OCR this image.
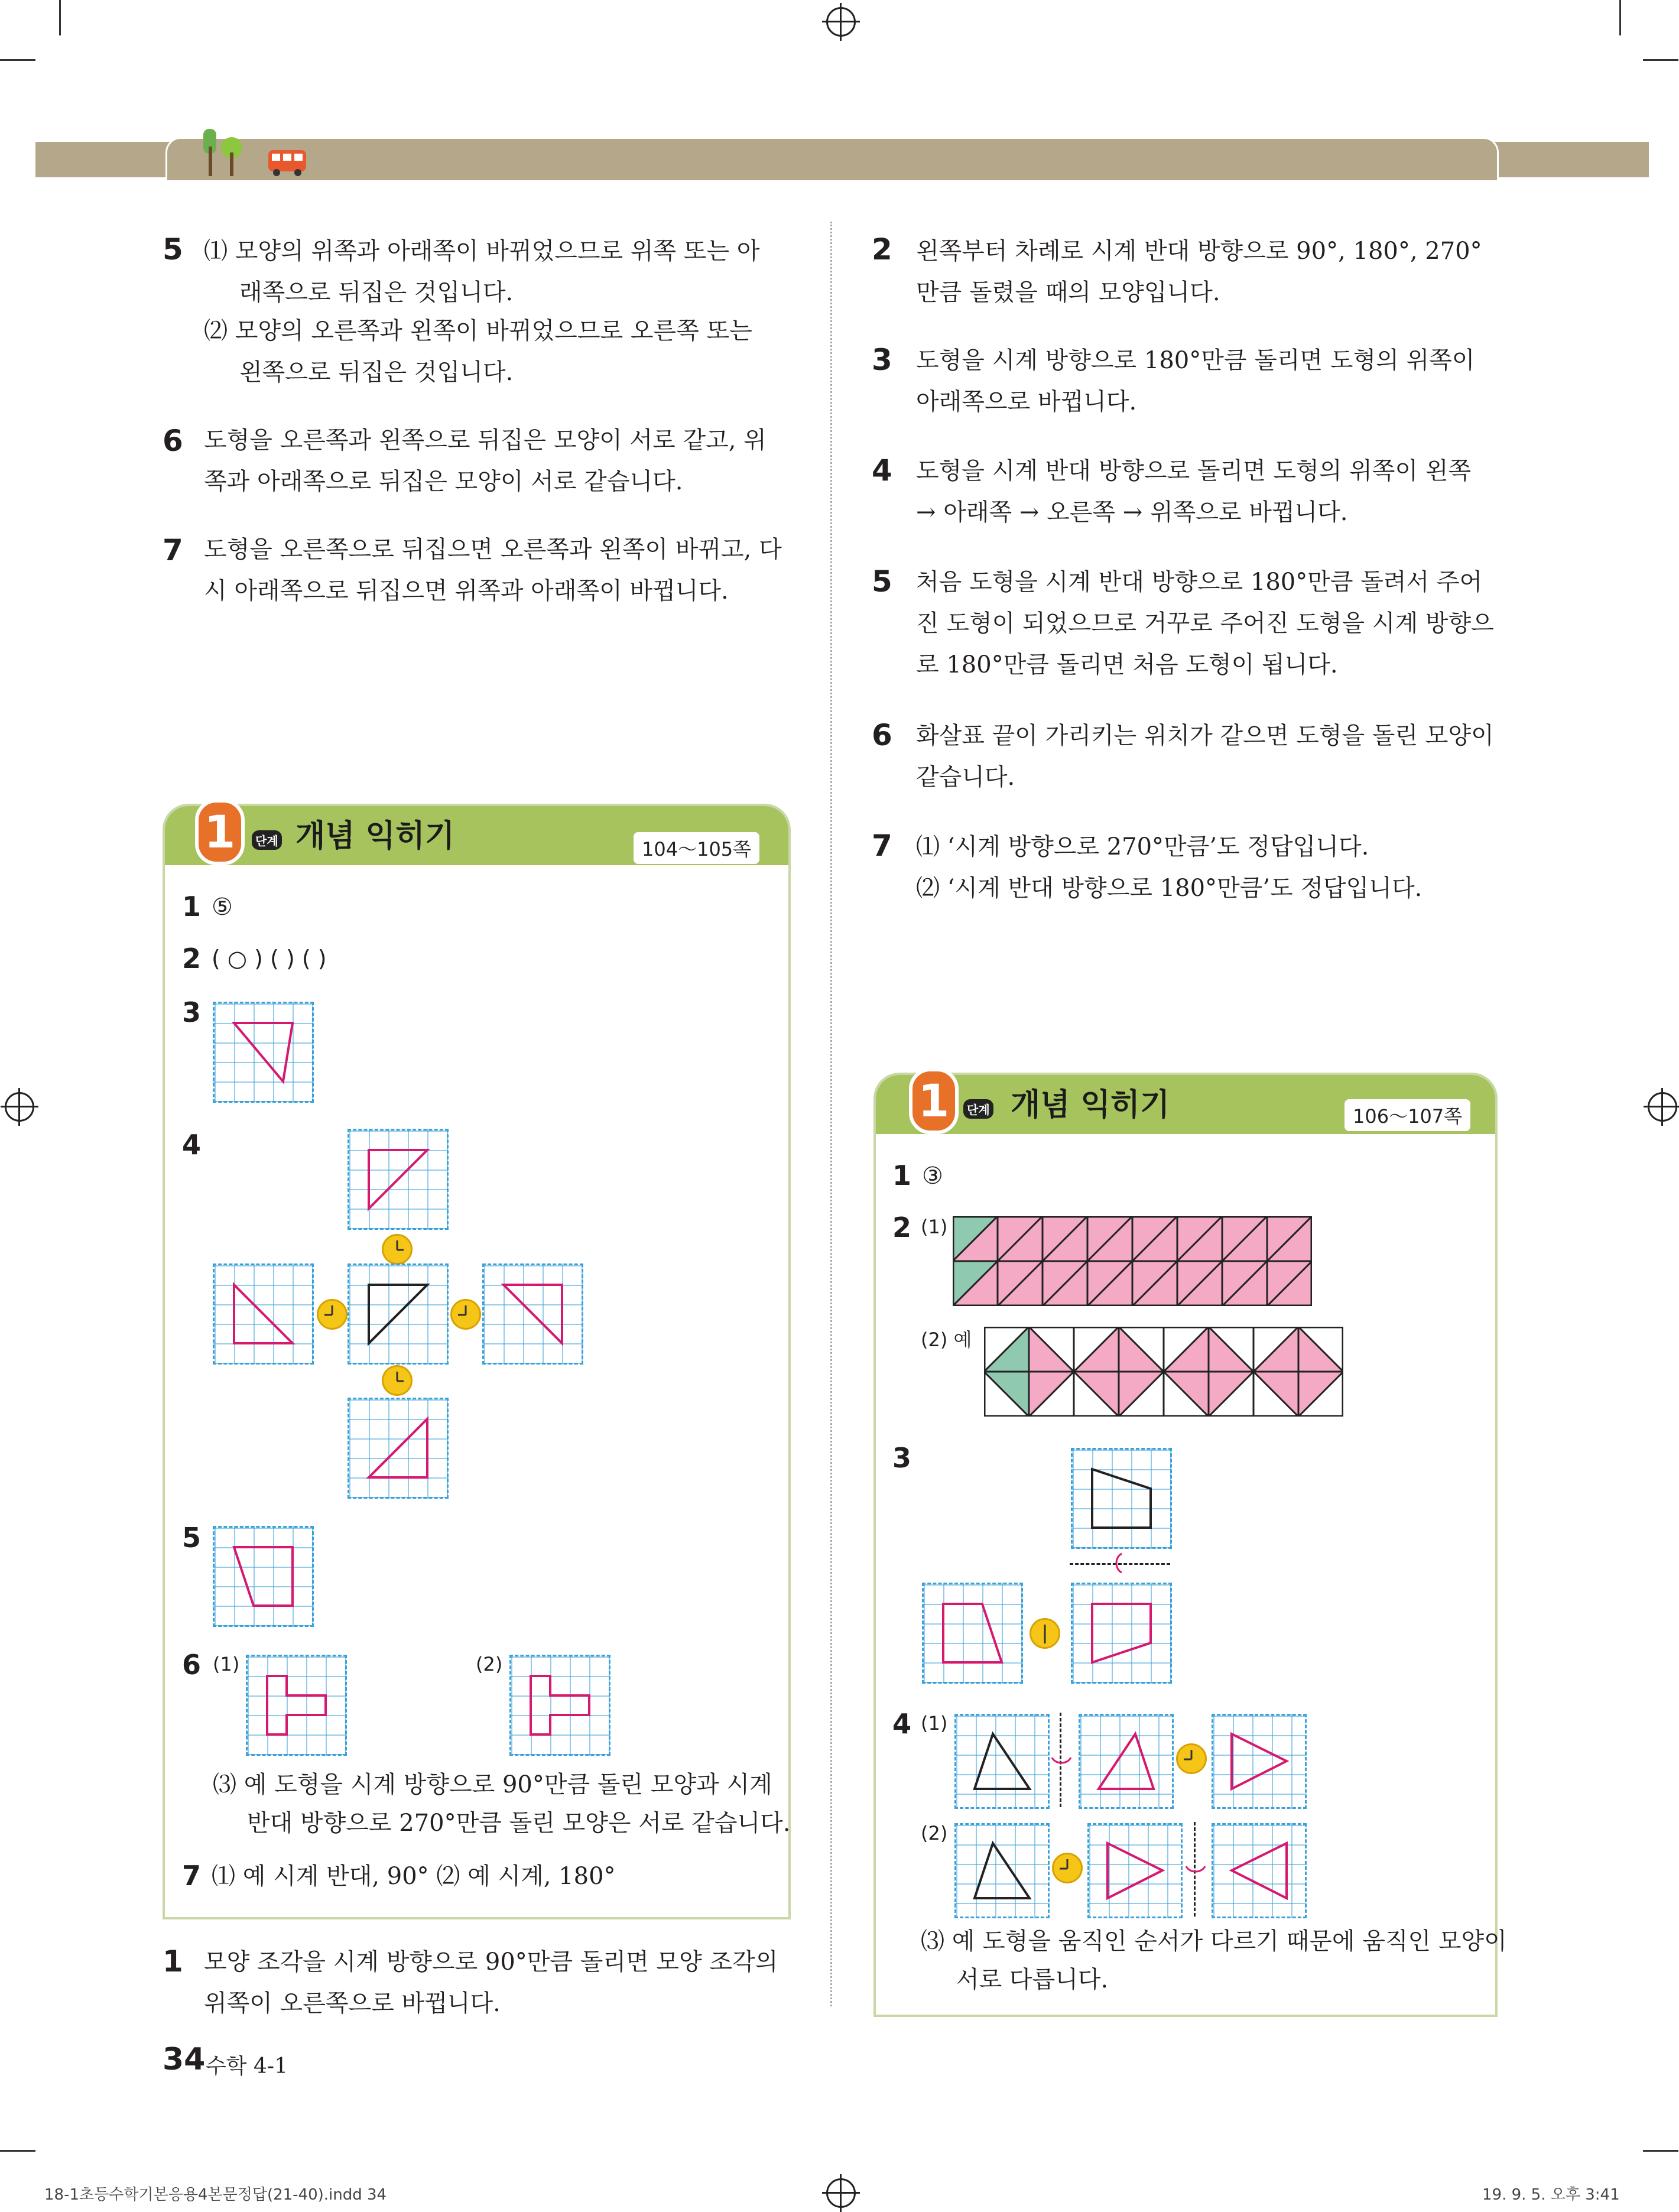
5 ⑴ 모양의 위쪽과 아래쪽이 바뀌었으므로 위쪽 또는 아
래쪽으로 뒤집은 것입니다.
⑵ 모양의 오른쪽과 왼쪽이 바뀌었으므로 오른쪽 또는
왼쪽으로 뒤집은 것입니다.
6 도형을 오른쪽과 왼쪽으로 뒤집은 모양이 서로 같고, 위
쪽과 아래쪽으로 뒤집은 모양이 서로 같습니다.
7 도형을 오른쪽으로 뒤집으면 오른쪽과 왼쪽이 바뀌고, 다
시 아래쪽으로 뒤집으면 위쪽과 아래쪽이 바뀝니다.
1	단계 개념 익히기	104～105쪽
1 ⑤
2 ( ○ ) ( ) ( )
3
4
5
6 (1)	(2)
⑶ 예 도형을 시계 방향으로 90°만큼 돌린 모양과 시계
반대 방향으로 270°만큼 돌린 모양은 서로 같습니다.
7 ⑴ 예 시계 반대, 90° ⑵ 예 시계, 180°
1 모양 조각을 시계 방향으로 90°만큼 돌리면 모양 조각의
위쪽이 오른쪽으로 바뀝니다.
2 왼쪽부터 차례로 시계 반대 방향으로 90°, 180°, 270°
만큼 돌렸을 때의 모양입니다.
3 도형을 시계 방향으로 180°만큼 돌리면 도형의 위쪽이
아래쪽으로 바뀝니다.
4 도형을 시계 반대 방향으로 돌리면 도형의 위쪽이 왼쪽
→ 아래쪽 → 오른쪽 → 위쪽으로 바뀝니다.
5 처음 도형을 시계 반대 방향으로 180°만큼 돌려서 주어
진 도형이 되었으므로 거꾸로 주어진 도형을 시계 방향으
로 180°만큼 돌리면 처음 도형이 됩니다.
6 화살표 끝이 가리키는 위치가 같으면 도형을 돌린 모양이
같습니다.
7 ⑴ ‘시계 방향으로 270°만큼’도 정답입니다.
⑵ ‘시계 반대 방향으로 180°만큼’도 정답입니다.
1	단계 개념 익히기	106～107쪽
1 ③
2 (1)
(2) 예
3
4 (1)
(2)
⑶ 예 도형을 움직인 순서가 다르기 때문에 움직인 모양이
서로 다릅니다.
34 수학 4-1
18-1초등수학기본응용4본문정답(21-40).indd 34	19. 9. 5. 오후 3:41
